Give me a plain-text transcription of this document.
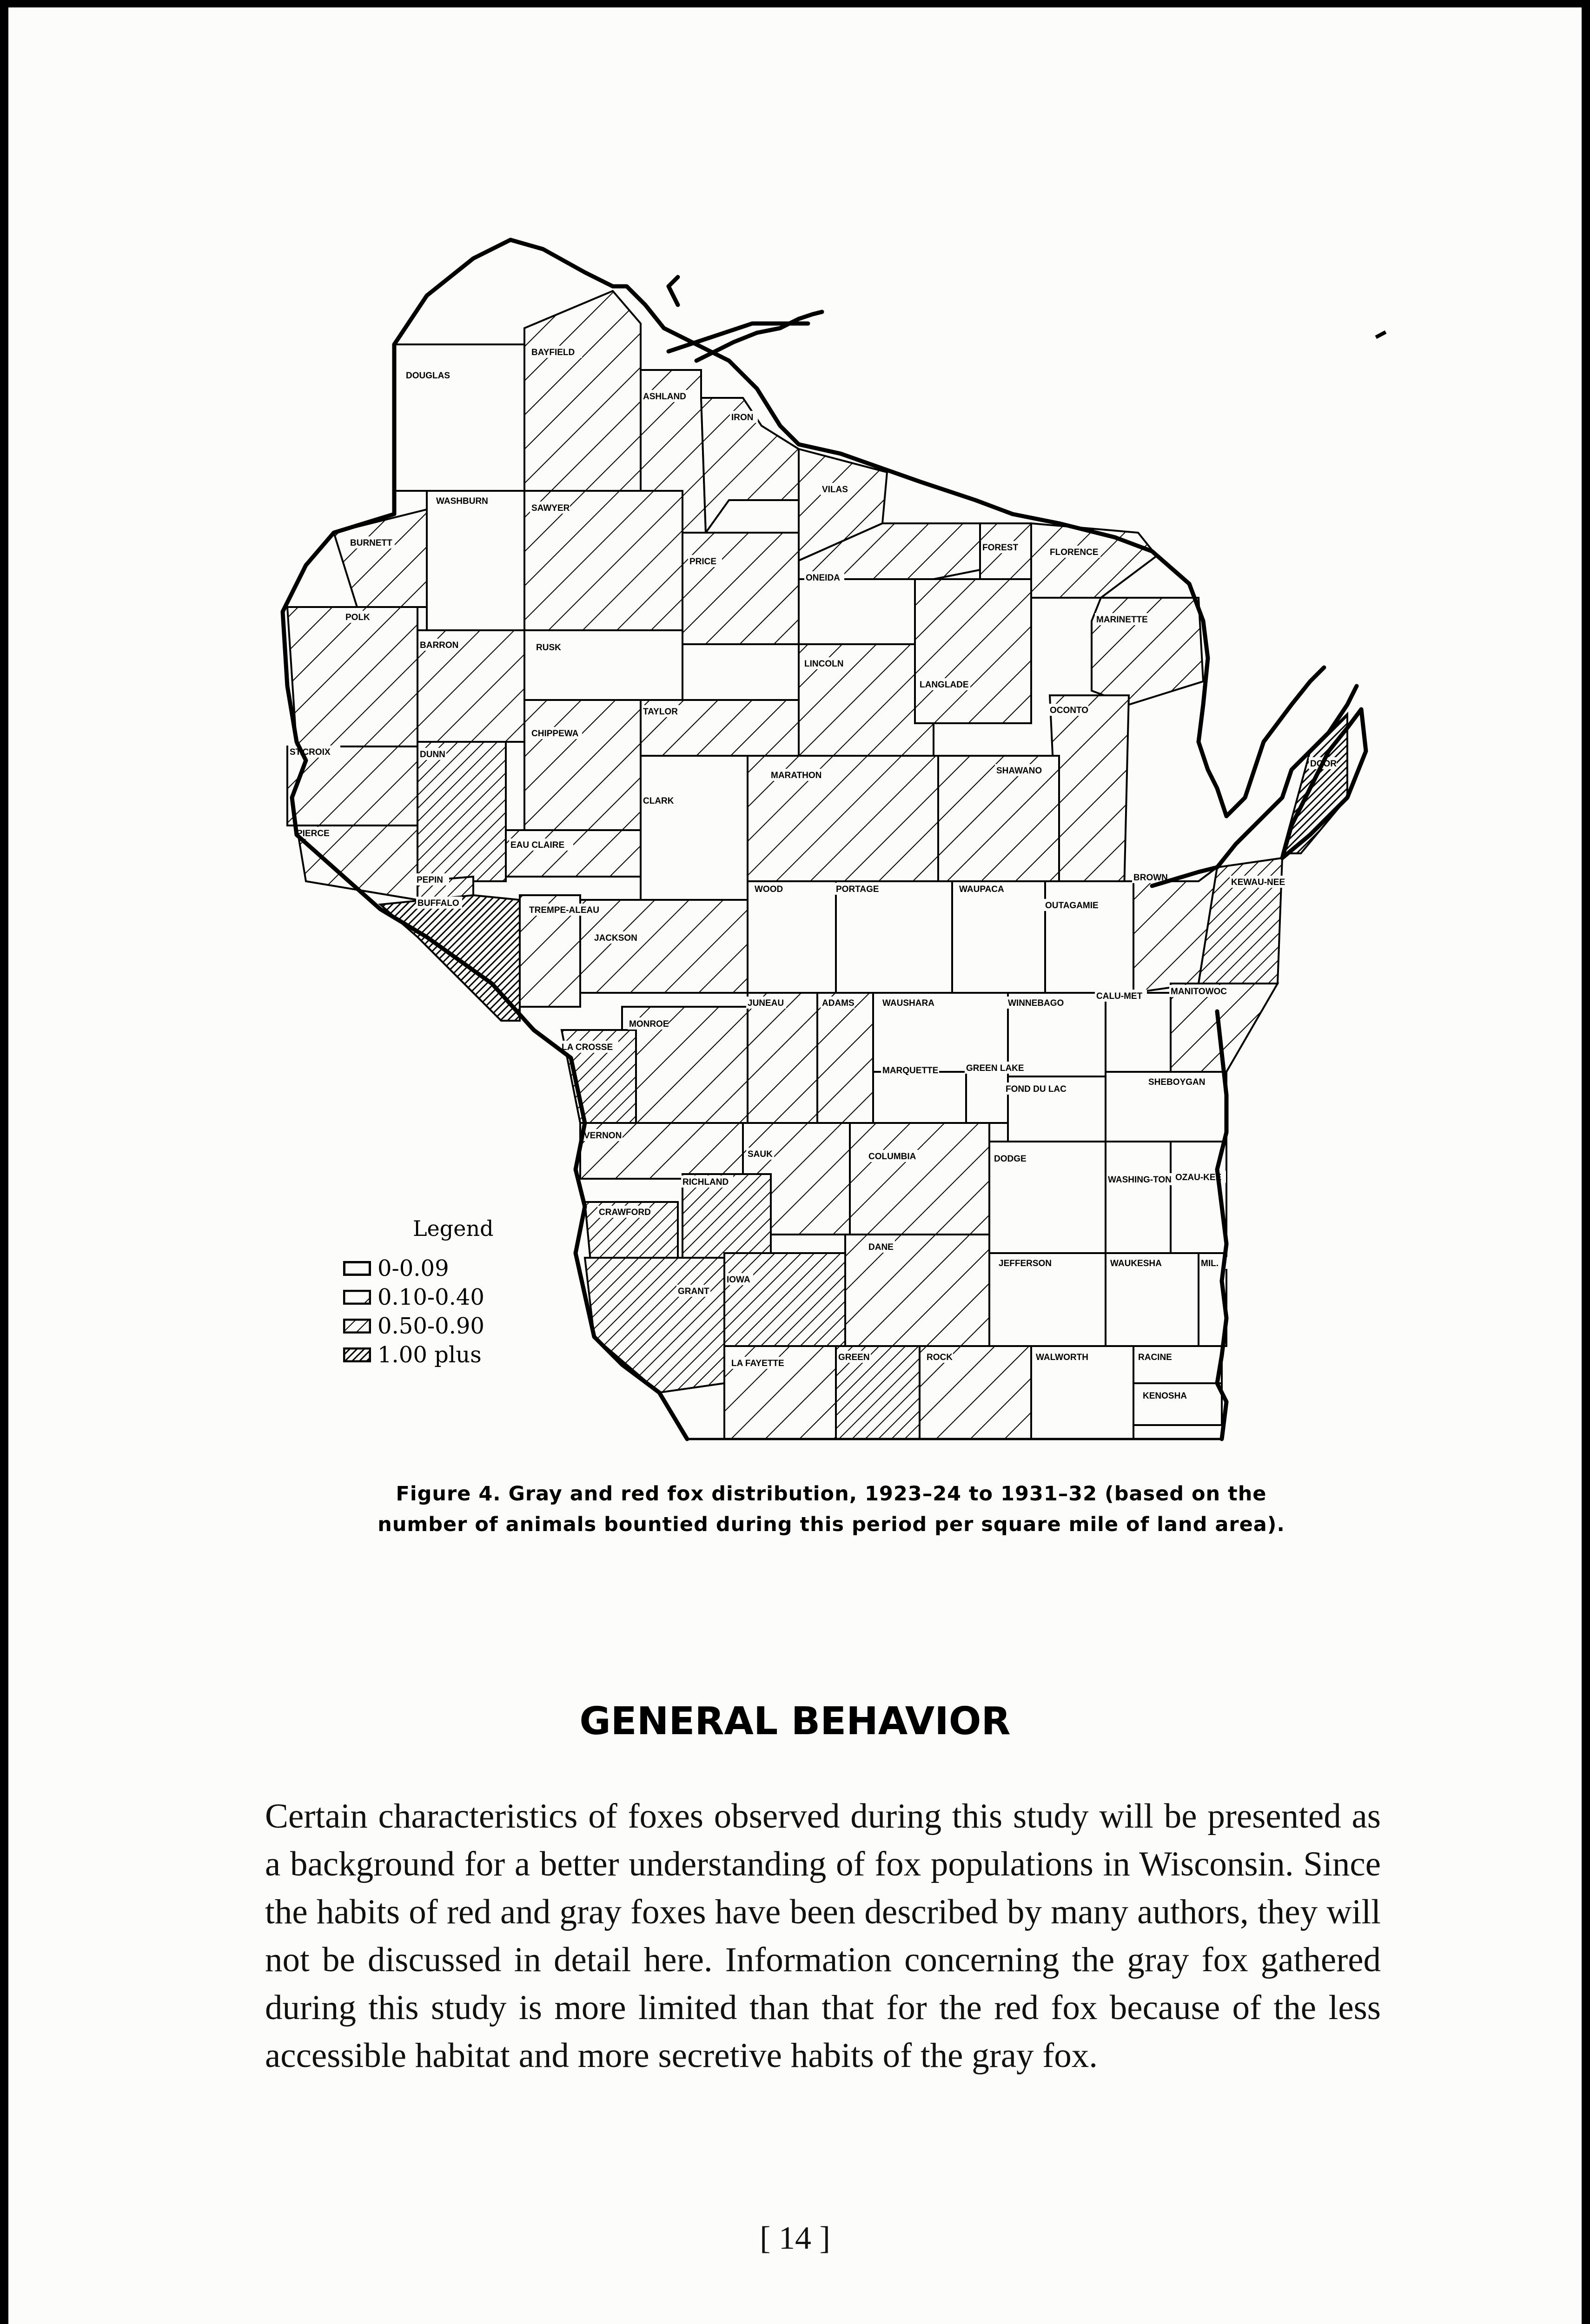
DOUGLAS
BAYFIELD
ASHLAND
IRON
VILAS
FOREST	FLORENCE
MARINETTE
ONEIDA
PRICE
SAWYER
WASHBURN
BURNETT
POLK
BARRON	RUSK
LINCOLN
LANGLADE
OCONTO
TAYLOR
CHIPPEWA
ST.CROIX	DUNN
MARATHON	SHAWANO
DOOR
CLARK
PIERCE
EAU CLAIRE
PEPIN
BUFFALO
TREMPE-ALEAU
JACKSON
WOOD	PORTAGE	WAUPACA
OUTAGAMIE
BROWN	KEWAU-NEE
MANITOWOC
CALU-MET
WINNEBAGO
WAUSHARA
ADAMS
JUNEAU
MONROE
LA CROSSE
VERNON
SAUK
RICHLAND
CRAWFORD
MARQUETTE	GREEN LAKE
FOND DU LAC
SHEBOYGAN
COLUMBIA	DODGE
WASHING-TON OZAU-KEE
GRANT
IOWA
DANE
JEFFERSON	WAUKESHA	MIL.
LA FAYETTE
GREEN	ROCK	WALWORTH	RACINE
KENOSHA
Legend
0-0.09
0.10-0.40
0.50-0.90
1.00 plus
Figure 4. Gray and red fox distribution, 1923–24 to 1931–32 (based on the
number of animals bountied during this period per square mile of land area).
GENERAL BEHAVIOR
Certain characteristics of foxes observed during this study will be presented as a background for a better understanding of fox populations in Wisconsin. Since the habits of red and gray foxes have been described by many authors, they will not be discussed in detail here. Information concerning the gray fox gathered during this study is more limited than that for the red fox because of the less accessible habitat and more secretive habits of the gray fox.
[ 14 ]
